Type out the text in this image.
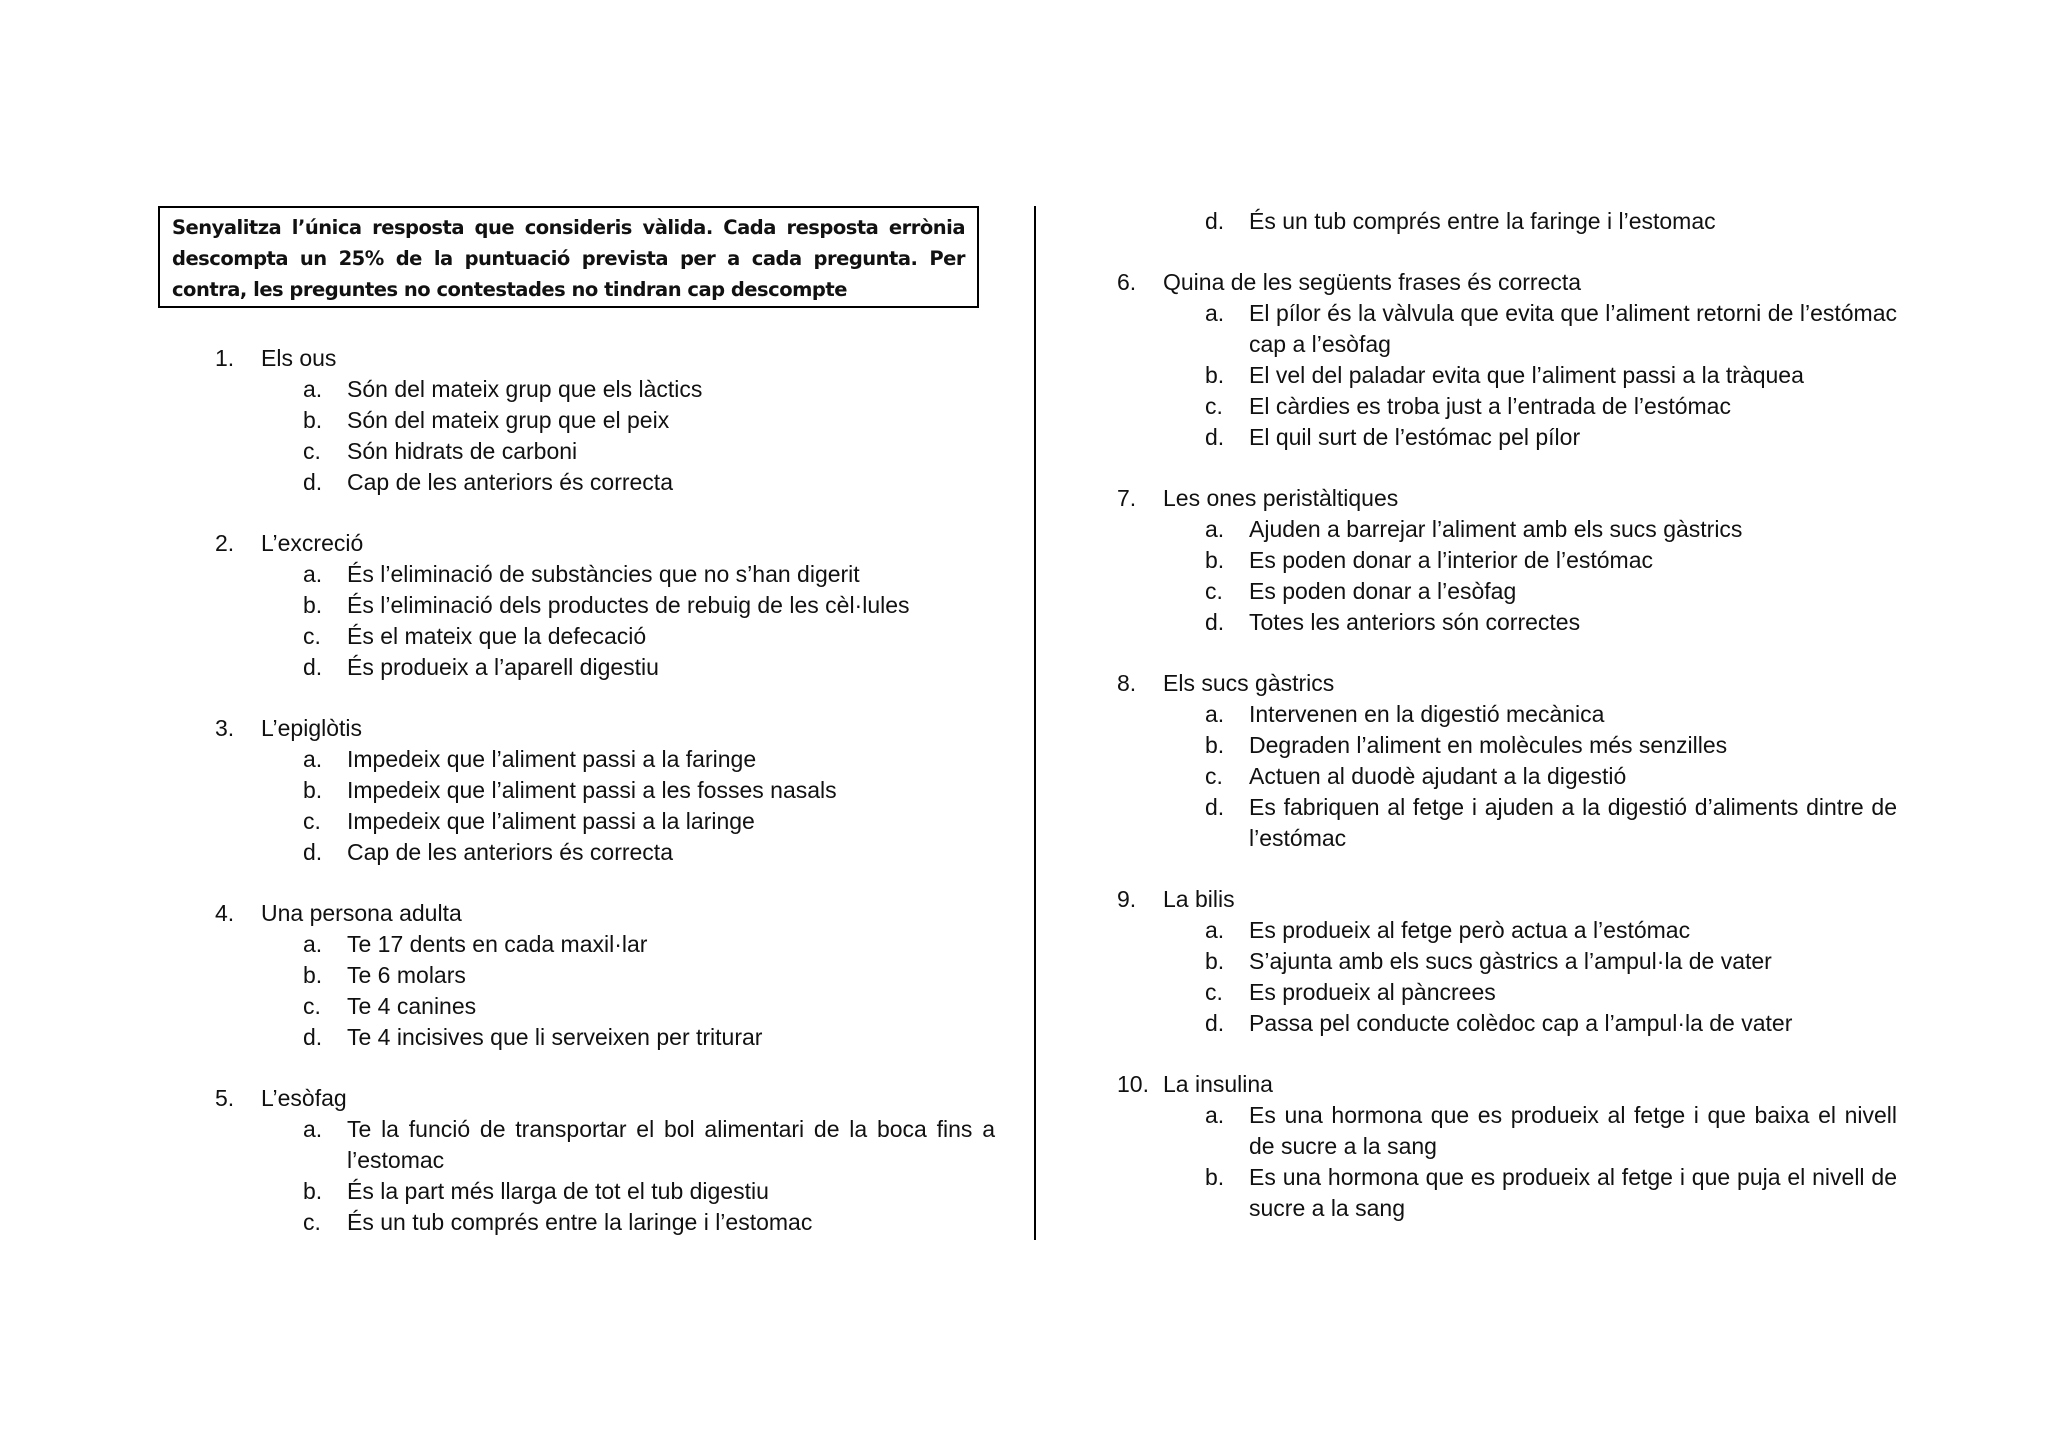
Senyalitza l’única resposta que consideris vàlida. Cada resposta errònia descompta un 25% de la puntuació prevista per a cada pregunta. Per contra, les preguntes no contestades no tindran cap descompte
1.	Els ous
a.	Són del mateix grup que els làctics
b.	Són del mateix grup que el peix
c.	Són hidrats de carboni
d.	Cap de les anteriors és correcta
2.	L’excreció
a.	És l’eliminació de substàncies que no s’han digerit
b.	És l’eliminació dels productes de rebuig de les cèl·lules
c.	És el mateix que la defecació
d.	És produeix a l’aparell digestiu
3.	L’epiglòtis
a.	Impedeix que l’aliment passi a la faringe
b.	Impedeix que l’aliment passi a les fosses nasals
c.	Impedeix que l’aliment passi a la laringe
d.	Cap de les anteriors és correcta
4.	Una persona adulta
a.	Te 17 dents en cada maxil·lar
b.	Te 6 molars
c.	Te 4 canines
d.	Te 4 incisives que li serveixen per triturar
5.	L’esòfag
a.	Te la funció de transportar el bol alimentari de la boca fins a l’estomac
b.	És la part més llarga de tot el tub digestiu
c.	És un tub comprés entre la laringe i l’estomac
d.	És un tub comprés entre la faringe i l’estomac
6.	Quina de les següents frases és correcta
a.	El pílor és la vàlvula que evita que l’aliment retorni de l’estómac cap a l’esòfag
b.	El vel del paladar evita que l’aliment passi a la tràquea
c.	El càrdies es troba just a l’entrada de l’estómac
d.	El quil surt de l’estómac pel pílor
7.	Les ones peristàltiques
a.	Ajuden a barrejar l’aliment amb els sucs gàstrics
b.	Es poden donar a l’interior de l’estómac
c.	Es poden donar a l’esòfag
d.	Totes les anteriors són correctes
8.	Els sucs gàstrics
a.	Intervenen en la digestió mecànica
b.	Degraden l’aliment en molècules més senzilles
c.	Actuen al duodè ajudant a la digestió
d.	Es fabriquen al fetge i ajuden a la digestió d’aliments dintre de l’estómac
9.	La bilis
a.	Es produeix al fetge però actua a l’estómac
b.	S’ajunta amb els sucs gàstrics a l’ampul·la de vater
c.	Es produeix al pàncrees
d.	Passa pel conducte colèdoc cap a l’ampul·la de vater
10. La insulina
a.	Es una hormona que es produeix al fetge i que baixa el nivell de sucre a la sang
b.	Es una hormona que es produeix al fetge i que puja el nivell de sucre a la sang
